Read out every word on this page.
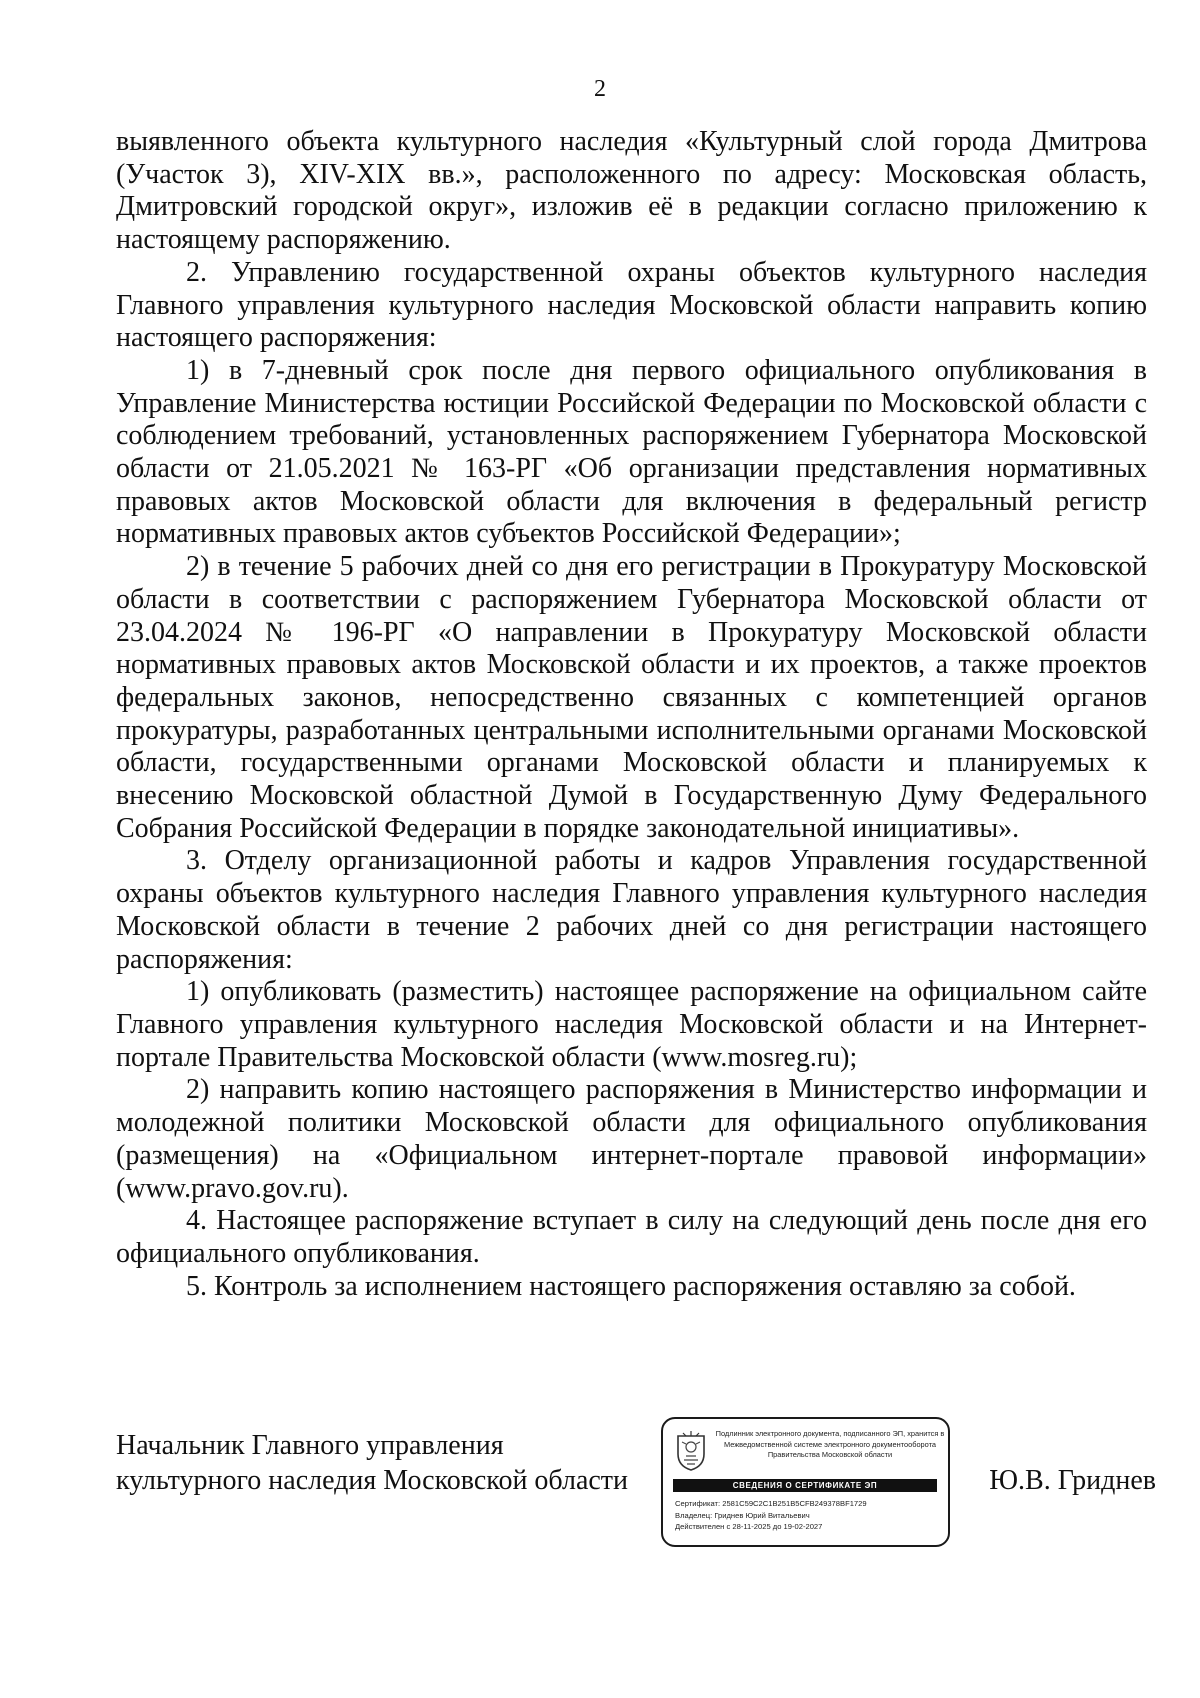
2

выявленного объекта культурного наследия «Культурный слой города Дмитрова (Участок 3), XIV-XIX вв.», расположенного по адресу: Московская область, Дмитровский городской округ», изложив её в редакции согласно приложению к настоящему распоряжению.

2. Управлению государственной охраны объектов культурного наследия Главного управления культурного наследия Московской области направить копию настоящего распоряжения:

1) в 7-дневный срок после дня первого официального опубликования в Управление Министерства юстиции Российской Федерации по Московской области с соблюдением требований, установленных распоряжением Губернатора Московской области от 21.05.2021 № 163-РГ «Об организации представления нормативных правовых актов Московской области для включения в федеральный регистр нормативных правовых актов субъектов Российской Федерации»;

2) в течение 5 рабочих дней со дня его регистрации в Прокуратуру Московской области в соответствии с распоряжением Губернатора Московской области от 23.04.2024 № 196-РГ «О направлении в Прокуратуру Московской области нормативных правовых актов Московской области и их проектов, а также проектов федеральных законов, непосредственно связанных с компетенцией органов прокуратуры, разработанных центральными исполнительными органами Московской области, государственными органами Московской области и планируемых к внесению Московской областной Думой в Государственную Думу Федерального Собрания Российской Федерации в порядке законодательной инициативы».

3. Отделу организационной работы и кадров Управления государственной охраны объектов культурного наследия Главного управления культурного наследия Московской области в течение 2 рабочих дней со дня регистрации настоящего распоряжения:

1) опубликовать (разместить) настоящее распоряжение на официальном сайте Главного управления культурного наследия Московской области и на Интернет-портале Правительства Московской области (www.mosreg.ru);

2) направить копию настоящего распоряжения в Министерство информации и молодежной политики Московской области для официального опубликования (размещения) на «Официальном интернет-портале правовой информации» (www.pravo.gov.ru).

4. Настоящее распоряжение вступает в силу на следующий день после дня его официального опубликования.

5. Контроль за исполнением настоящего распоряжения оставляю за собой.

Начальник Главного управления
культурного наследия Московской области	Ю.В. Гриднев
Подлинник электронного документа, подписанного ЭП, хранится в Межведомственной системе электронного документооборота Правительства Московской области
СВЕДЕНИЯ О СЕРТИФИКАТЕ ЭП
Сертификат: 2581C59C2C1B251B5CFB249378BF1729
Владелец: Гриднев Юрий Витальевич
Действителен с 28-11-2025 до 19-02-2027
